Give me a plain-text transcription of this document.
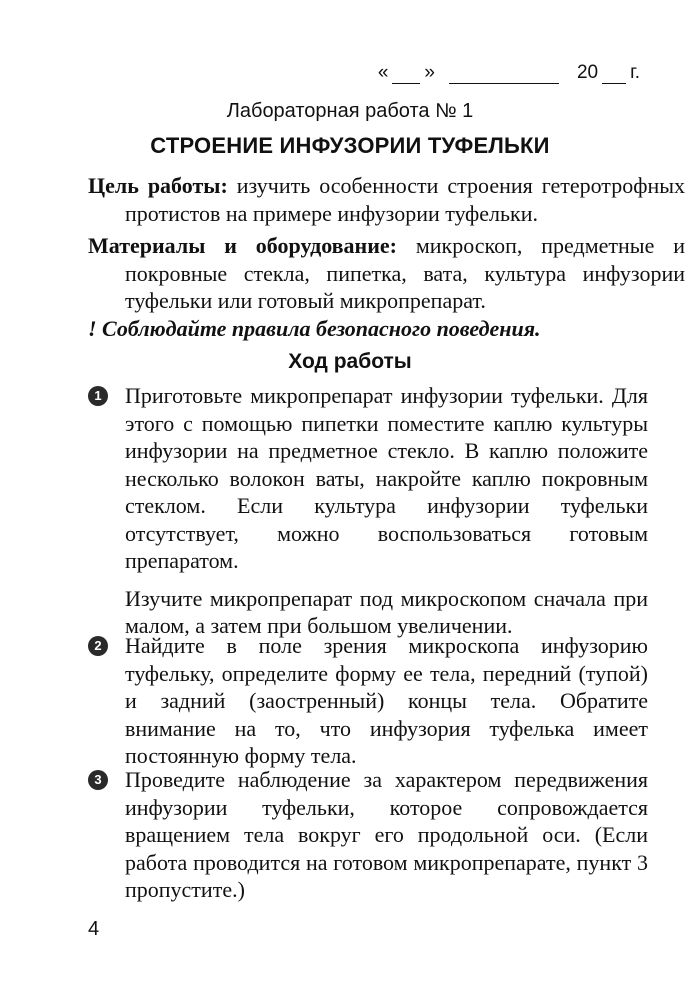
« »	20 г.
Лабораторная работа № 1
СТРОЕНИЕ ИНФУЗОРИИ ТУФЕЛЬКИ
Цель работы: изучить особенности строения гетеротрофных протистов на примере инфузории туфельки.
Материалы и оборудование: микроскоп, предметные и покровные стекла, пипетка, вата, культура инфузории туфельки или готовый микропрепарат.
! Соблюдайте правила безопасного поведения.
Ход работы
1 Приготовьте микропрепарат инфузории туфельки. Для этого с помощью пипетки поместите каплю культуры инфузории на предметное стекло. В каплю положите несколько волокон ваты, накройте каплю покровным стеклом. Если культура инфузории туфельки отсутствует, можно воспользоваться готовым препаратом.

Изучите микропрепарат под микроскопом сначала при малом, а затем при большом увеличении.

2 Найдите в поле зрения микроскопа инфузорию туфельку, определите форму ее тела, передний (тупой) и задний (заостренный) концы тела. Обратите внимание на то, что инфузория туфелька имеет постоянную форму тела.

3 Проведите наблюдение за характером передвижения инфузории туфельки, которое сопровождается вращением тела вокруг его продольной оси. (Если работа проводится на готовом микропрепарате, пункт 3 пропустите.)

4
